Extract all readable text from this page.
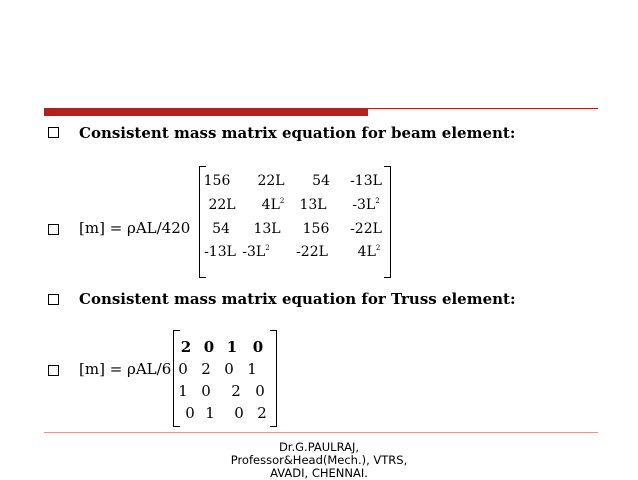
Consistent mass matrix equation for beam element:
156 22L	54	-13L
22L	$4L^2$	13L	$-3L^2$
54	13L	156	-22L
-13L $-3L^2$	-22L	$4L^2$
[m] = ρAL/420
Consistent mass matrix equation for Truss element:
2 0 1 0
0 2 0 1
1 0 2 0
0 1 0 2
[m] = ρAL/6
Dr.G.PAULRAJ,
Professor&Head(Mech.), VTRS,
AVADI, CHENNAI.
